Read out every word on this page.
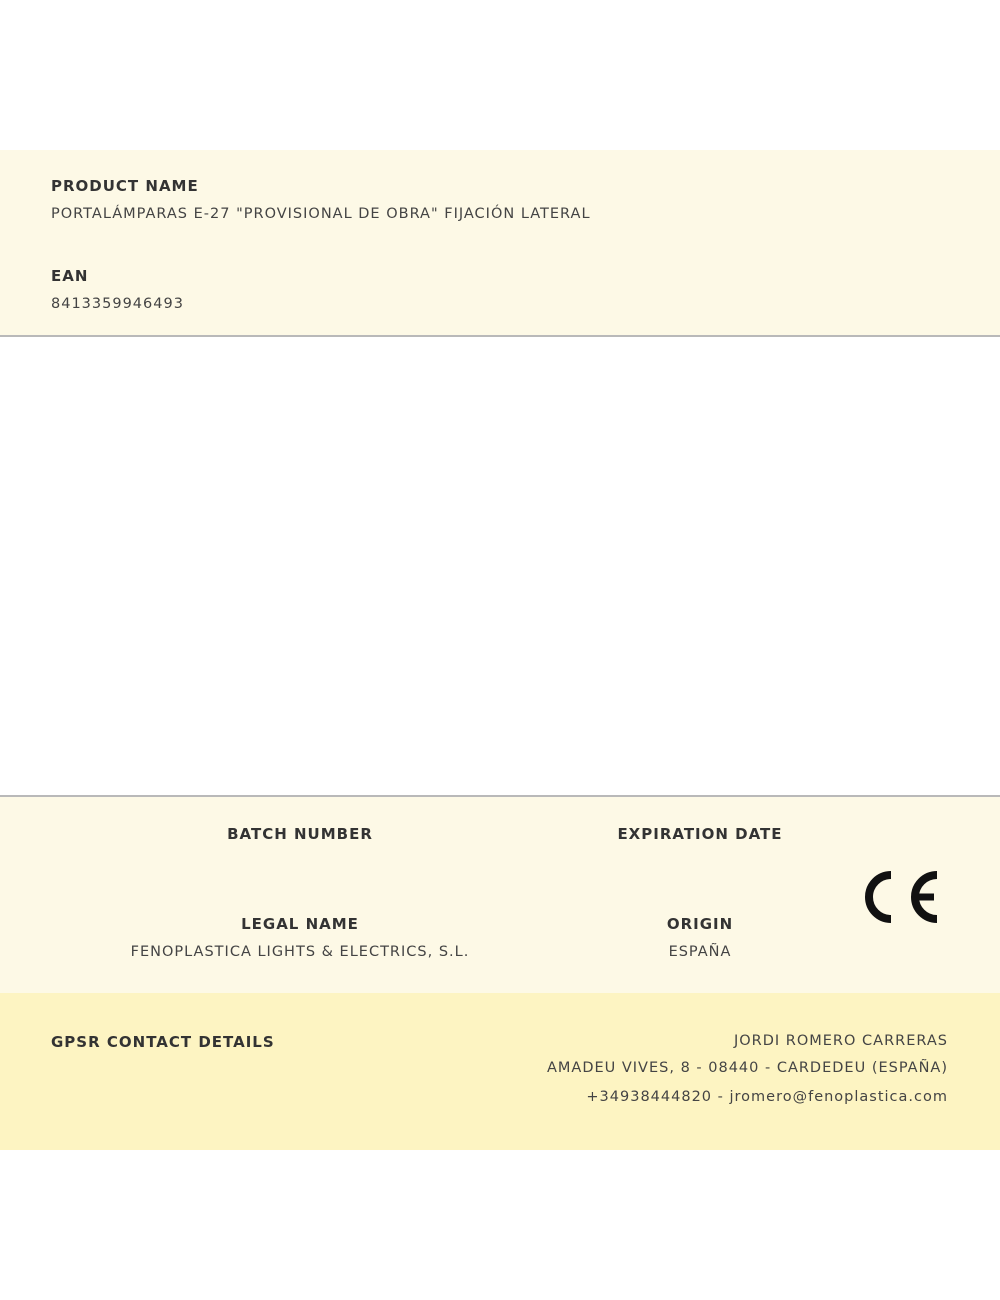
PRODUCT NAME
PORTALÁMPARAS E-27 "PROVISIONAL DE OBRA" FIJACIÓN LATERAL
EAN
8413359946493
BATCH NUMBER
LEGAL NAME
FENOPLASTICA LIGHTS & ELECTRICS, S.L.
EXPIRATION DATE
ORIGIN
ESPAÑA
GPSR CONTACT DETAILS	JORDI ROMERO CARRERAS
AMADEU VIVES, 8 - 08440 - CARDEDEU (ESPAÑA)
+34938444820 - jromero@fenoplastica.com
